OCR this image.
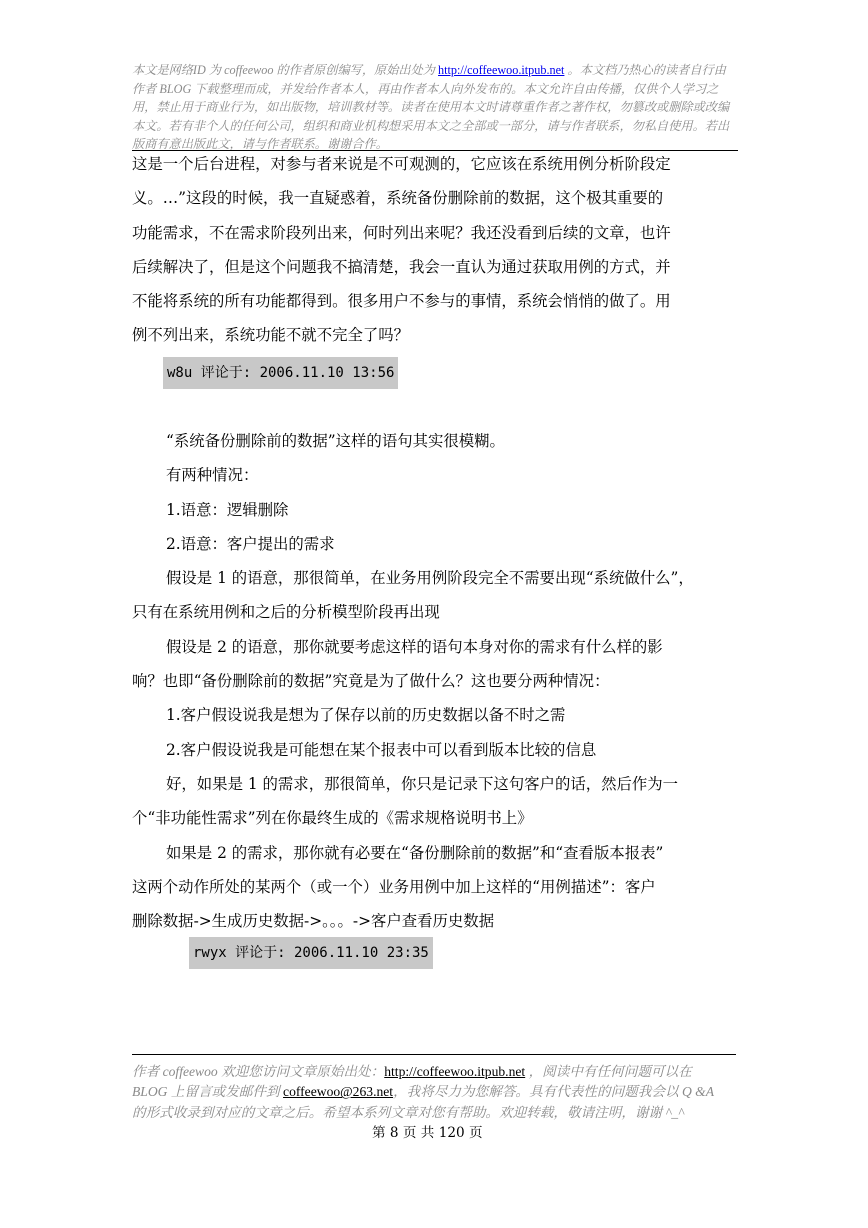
本文是网络ID 为 coffeewoo 的作者原创编写，原始出处为 http://coffeewoo.itpub.net 。本文档乃热心的读者自行由作者 BLOG 下载整理而成，并发给作者本人，再由作者本人向外发布的。本文允许自由传播，仅供个人学习之用，禁止用于商业行为，如出版物，培训教材等。读者在使用本文时请尊重作者之著作权，勿篡改或删除或改编本文。若有非个人的任何公司，组织和商业机构想采用本文之全部或一部分，请与作者联系，勿私自使用。若出版商有意出版此文，请与作者联系。谢谢合作。

这是一个后台进程，对参与者来说是不可观测的，它应该在系统用例分析阶段定

义。…”这段的时候，我一直疑惑着，系统备份删除前的数据，这个极其重要的

功能需求，不在需求阶段列出来，何时列出来呢？我还没看到后续的文章，也许

后续解决了，但是这个问题我不搞清楚，我会一直认为通过获取用例的方式，并

不能将系统的所有功能都得到。很多用户不参与的事情，系统会悄悄的做了。用

例不列出来，系统功能不就不完全了吗？

w8u 评论于: 2006.11.10 13:56

“系统备份删除前的数据”这样的语句其实很模糊。

有两种情况：

1.语意：逻辑删除

2.语意：客户提出的需求

假设是 1 的语意，那很简单，在业务用例阶段完全不需要出现“系统做什么”，

只有在系统用例和之后的分析模型阶段再出现

假设是 2 的语意，那你就要考虑这样的语句本身对你的需求有什么样的影

响？也即“备份删除前的数据”究竟是为了做什么？这也要分两种情况：

1.客户假设说我是想为了保存以前的历史数据以备不时之需

2.客户假设说我是可能想在某个报表中可以看到版本比较的信息

好，如果是 1 的需求，那很简单，你只是记录下这句客户的话，然后作为一

个“非功能性需求”列在你最终生成的《需求规格说明书上》

如果是 2 的需求，那你就有必要在“备份删除前的数据”和“查看版本报表”

这两个动作所处的某两个（或一个）业务用例中加上这样的“用例描述”：客户

删除数据->生成历史数据->。。。->客户查看历史数据

rwyx 评论于: 2006.11.10 23:35
作者 coffeewoo 欢迎您访问文章原始出处：http://coffeewoo.itpub.net ，阅读中有任何问题可以在 BLOG 上留言或发邮件到 coffeewoo@263.net，我将尽力为您解答。具有代表性的问题我会以 Q &A 的形式收录到对应的文章之后。希望本系列文章对您有帮助。欢迎转载，敬请注明，谢谢 ^_^
第 8 页 共 120 页
